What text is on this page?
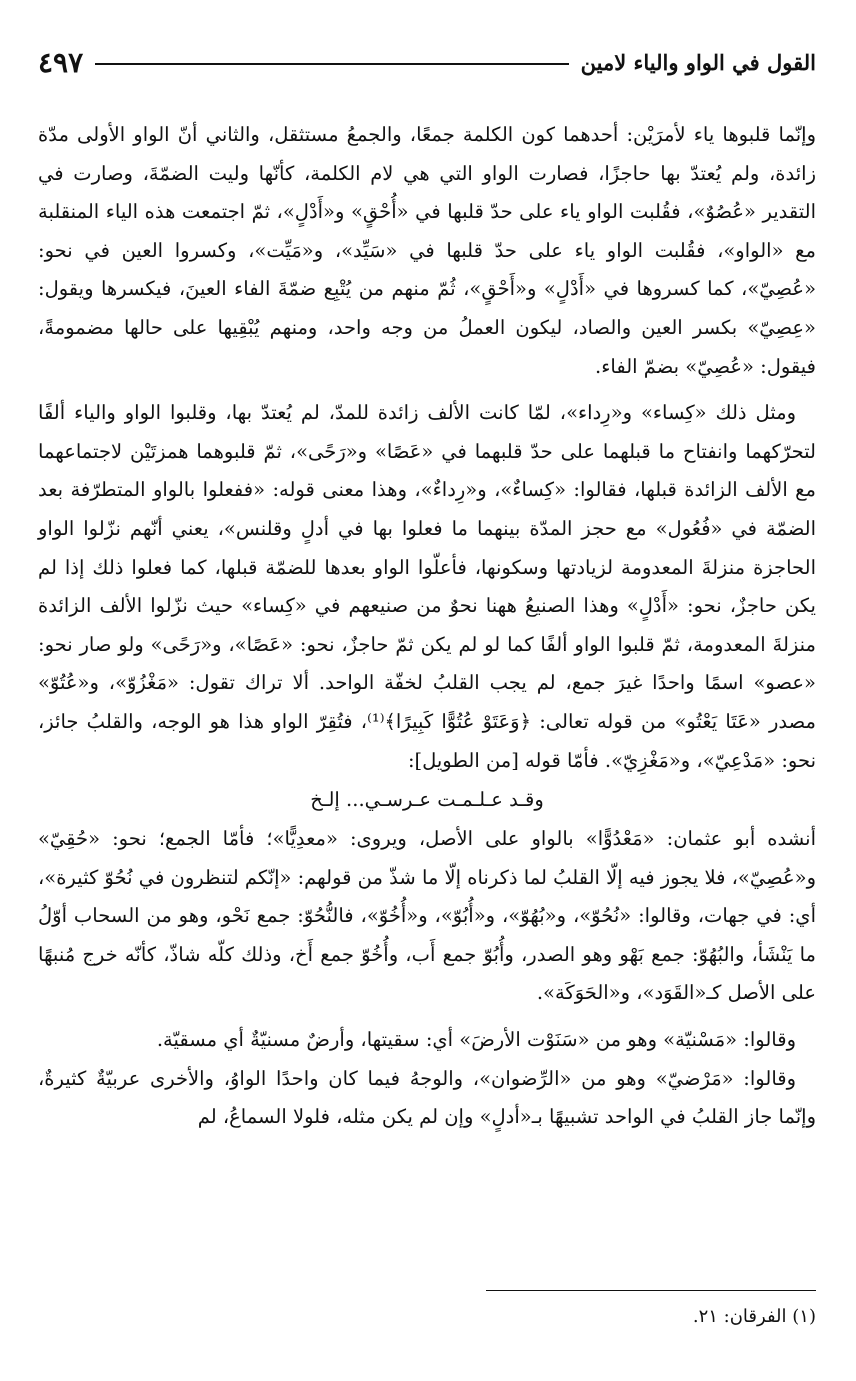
القول في الواو والياء لامين
٤٩٧

وإنّما قلبوها ياء لأمرَيْن: أحدهما كون الكلمة جمعًا، والجمعُ مستثقل، والثاني أنّ الواو الأولى مدّة زائدة، ولم يُعتدّ بها حاجزًا، فصارت الواو التي هي لام الكلمة، كأنّها وليت الضمّةَ، وصارت في التقدير «عُصُوٌ»، فقُلبت الواو ياء على حدّ قلبها في «أُحْقٍ» و«أَدْلٍ»، ثمّ اجتمعت هذه الياء المنقلبة مع «الواو»، فقُلبت الواو ياء على حدّ قلبها في «سَيِّد»، و«مَيِّت»، وكسروا العين في نحو: «عُصِيّ»، كما كسروها في «أَدْلٍ» و«أَحْقٍ»، ثُمّ منهم من يُتْبِع ضمّةَ الفاء العينَ، فيكسرها ويقول: «عِصِيّ» بكسر العين والصاد، ليكون العملُ من وجه واحد، ومنهم يُبْقِيها على حالها مضمومةً، فيقول: «عُصِيّ» بضمّ الفاء.

ومثل ذلك «كِساء» و«رِداء»، لمّا كانت الألف زائدة للمدّ، لم يُعتدّ بها، وقلبوا الواو والياء ألفًا لتحرّكهما وانفتاح ما قبلهما على حدّ قلبهما في «عَصًا» و«رَحًى»، ثمّ قلبوهما همزتَيْن لاجتماعهما مع الألف الزائدة قبلها، فقالوا: «كِساءٌ»، و«رِداءٌ»، وهذا معنى قوله: «ففعلوا بالواو المتطرّفة بعد الضمّة في «فُعُول» مع حجز المدّة بينهما ما فعلوا بها في أدلٍ وقلنس»، يعني أنّهم نزّلوا الواو الحاجزة منزلةَ المعدومة لزيادتها وسكونها، فأعلّوا الواو بعدها للضمّة قبلها، كما فعلوا ذلك إذا لم يكن حاجزٌ، نحو: «أَدْلٍ» وهذا الصنيعُ ههنا نحوٌ من صنيعهم في «كِساء» حيث نزّلوا الألف الزائدة منزلةَ المعدومة، ثمّ قلبوا الواو ألفًا كما لو لم يكن ثمّ حاجزٌ، نحو: «عَصًا»، و«رَحًى» ولو صار نحو: «عصو» اسمًا واحدًا غيرَ جمع، لم يجب القلبُ لخفّة الواحد. ألا تراك تقول: «مَغْزُوّ»، و«عُتُوّ» مصدر «عَتَا يَعْتُو» من قوله تعالى: ﴿وَعَتَوْ عُتُوًّا كَبِيرًا﴾⁽¹⁾، فتُقِرّ الواو هذا هو الوجه، والقلبُ جائز، نحو: «مَدْعِيّ»، و«مَغْزِيّ». فأمّا قوله [من الطويل]:

وقـد عـلـمـت عـرسـي... إلـخ

أنشده أبو عثمان: «مَعْدُوًّا» بالواو على الأصل، ويروى: «معدِيًّا»؛ فأمّا الجمع؛ نحو: «حُقِيّ» و«عُصِيّ»، فلا يجوز فيه إلّا القلبُ لما ذكرناه إلّا ما شذّ من قولهم: «إنّكم لتنظرون في نُحُوّ كثيرة»، أي: في جهات، وقالوا: «نُحُوّ»، و«بُهُوّ»، و«أُبُوّ»، و«أُخُوّ»، فالنُّحُوّ: جمع نَحْو، وهو من السحاب أوّلُ ما يَنْشَأ، والبُهُوّ: جمع بَهْو وهو الصدر، وأُبُوّ جمع أَب، وأُخُوّ جمع أَخ، وذلك كلّه شاذّ، كأنّه خرج مُنبهًا على الأصل كـ«القَوَد»، و«الحَوَكَة».

وقالوا: «مَسْنيّة» وهو من «سَنَوْت الأرضَ» أي: سقيتها، وأرضٌ مسنيّةٌ أي مسقيّة.

وقالوا: «مَرْضيّ» وهو من «الرِّضوان»، والوجهُ فيما كان واحدًا الواوُ، والأخرى عربيّةٌ كثيرةٌ، وإنّما جاز القلبُ في الواحد تشبيهًا بـ«أدلٍ» وإن لم يكن مثله، فلولا السماعُ، لم

(١) الفرقان: ٢١.
